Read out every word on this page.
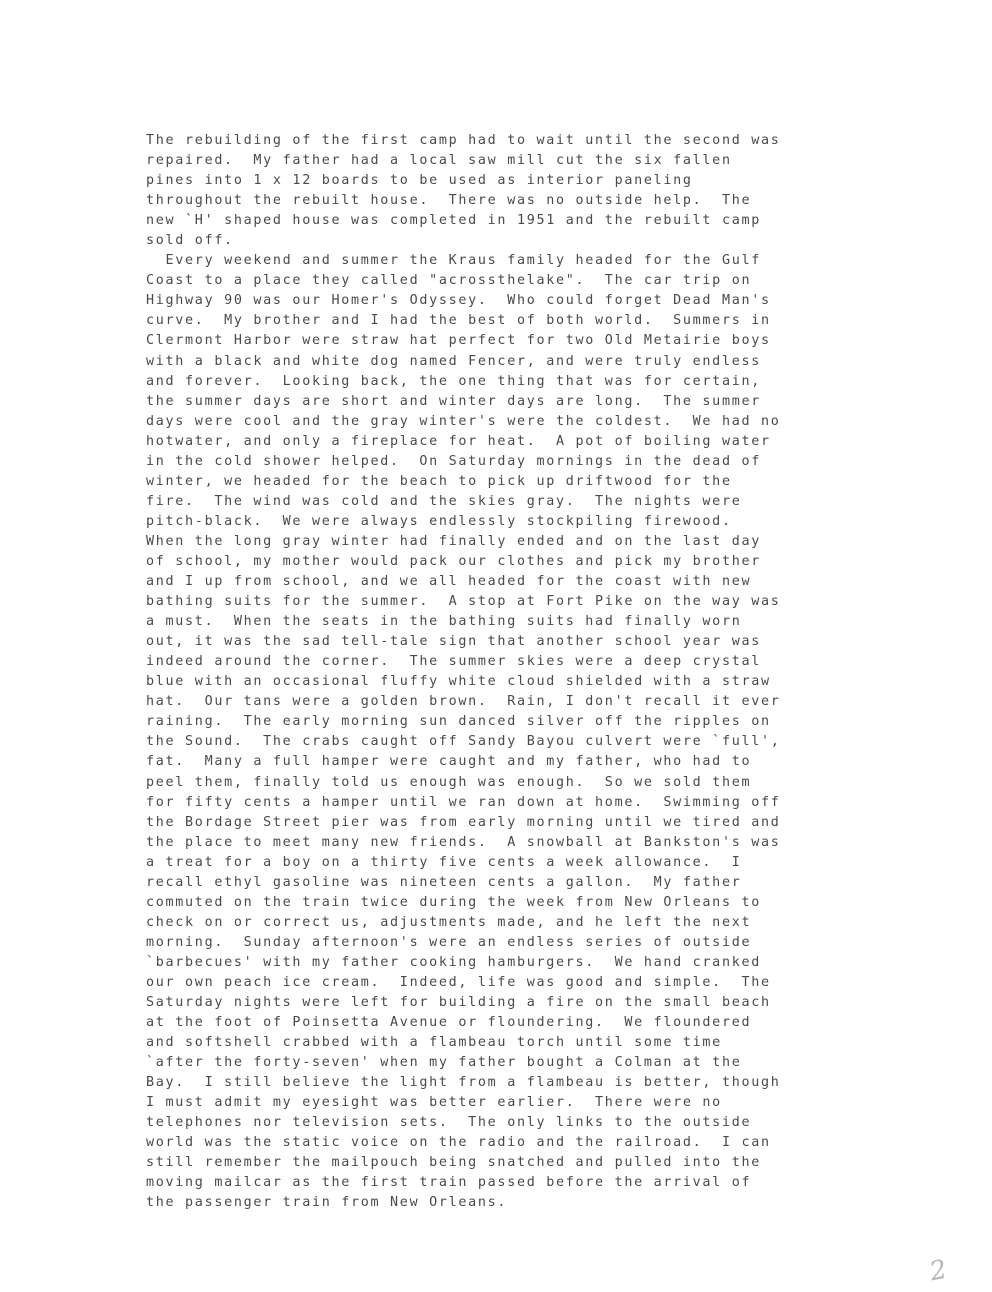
The rebuilding of the first camp had to wait until the second was
repaired.  My father had a local saw mill cut the six fallen
pines into 1 x 12 boards to be used as interior paneling
throughout the rebuilt house.  There was no outside help.  The
new `H' shaped house was completed in 1951 and the rebuilt camp
sold off.
Every weekend and summer the Kraus family headed for the Gulf
Coast to a place they called "acrossthelake".  The car trip on
Highway 90 was our Homer's Odyssey.  Who could forget Dead Man's
curve.  My brother and I had the best of both world.  Summers in
Clermont Harbor were straw hat perfect for two Old Metairie boys
with a black and white dog named Fencer, and were truly endless
and forever.  Looking back, the one thing that was for certain,
the summer days are short and winter days are long.  The summer
days were cool and the gray winter's were the coldest.  We had no
hotwater, and only a fireplace for heat.  A pot of boiling water
in the cold shower helped.  On Saturday mornings in the dead of
winter, we headed for the beach to pick up driftwood for the
fire.  The wind was cold and the skies gray.  The nights were
pitch-black.  We were always endlessly stockpiling firewood.
When the long gray winter had finally ended and on the last day
of school, my mother would pack our clothes and pick my brother
and I up from school, and we all headed for the coast with new
bathing suits for the summer.  A stop at Fort Pike on the way was
a must.  When the seats in the bathing suits had finally worn
out, it was the sad tell-tale sign that another school year was
indeed around the corner.  The summer skies were a deep crystal
blue with an occasional fluffy white cloud shielded with a straw
hat.  Our tans were a golden brown.  Rain, I don't recall it ever
raining.  The early morning sun danced silver off the ripples on
the Sound.  The crabs caught off Sandy Bayou culvert were `full',
fat.  Many a full hamper were caught and my father, who had to
peel them, finally told us enough was enough.  So we sold them
for fifty cents a hamper until we ran down at home.  Swimming off
the Bordage Street pier was from early morning until we tired and
the place to meet many new friends.  A snowball at Bankston's was
a treat for a boy on a thirty five cents a week allowance.  I
recall ethyl gasoline was nineteen cents a gallon.  My father
commuted on the train twice during the week from New Orleans to
check on or correct us, adjustments made, and he left the next
morning.  Sunday afternoon's were an endless series of outside
`barbecues' with my father cooking hamburgers.  We hand cranked
our own peach ice cream.  Indeed, life was good and simple.  The
Saturday nights were left for building a fire on the small beach
at the foot of Poinsetta Avenue or floundering.  We floundered
and softshell crabbed with a flambeau torch until some time
`after the forty-seven' when my father bought a Colman at the
Bay.  I still believe the light from a flambeau is better, though
I must admit my eyesight was better earlier.  There were no
telephones nor television sets.  The only links to the outside
world was the static voice on the radio and the railroad.  I can
still remember the mailpouch being snatched and pulled into the
moving mailcar as the first train passed before the arrival of
the passenger train from New Orleans.
2
